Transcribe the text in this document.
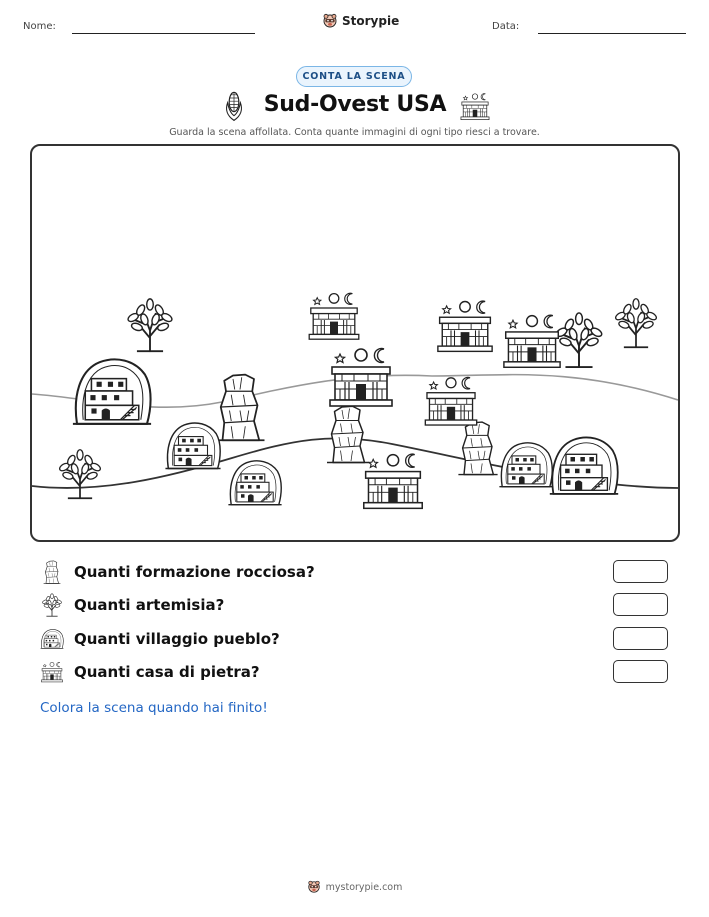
Nome:	Storypie	Data:
CONTA LA SCENA
Sud-Ovest USA
Guarda la scena affollata. Conta quante immagini di ogni tipo riesci a trovare.
Quanti formazione rocciosa?
Quanti artemisia?
Quanti villaggio pueblo?
Quanti casa di pietra?
Colora la scena quando hai finito!
mystorypie.com
